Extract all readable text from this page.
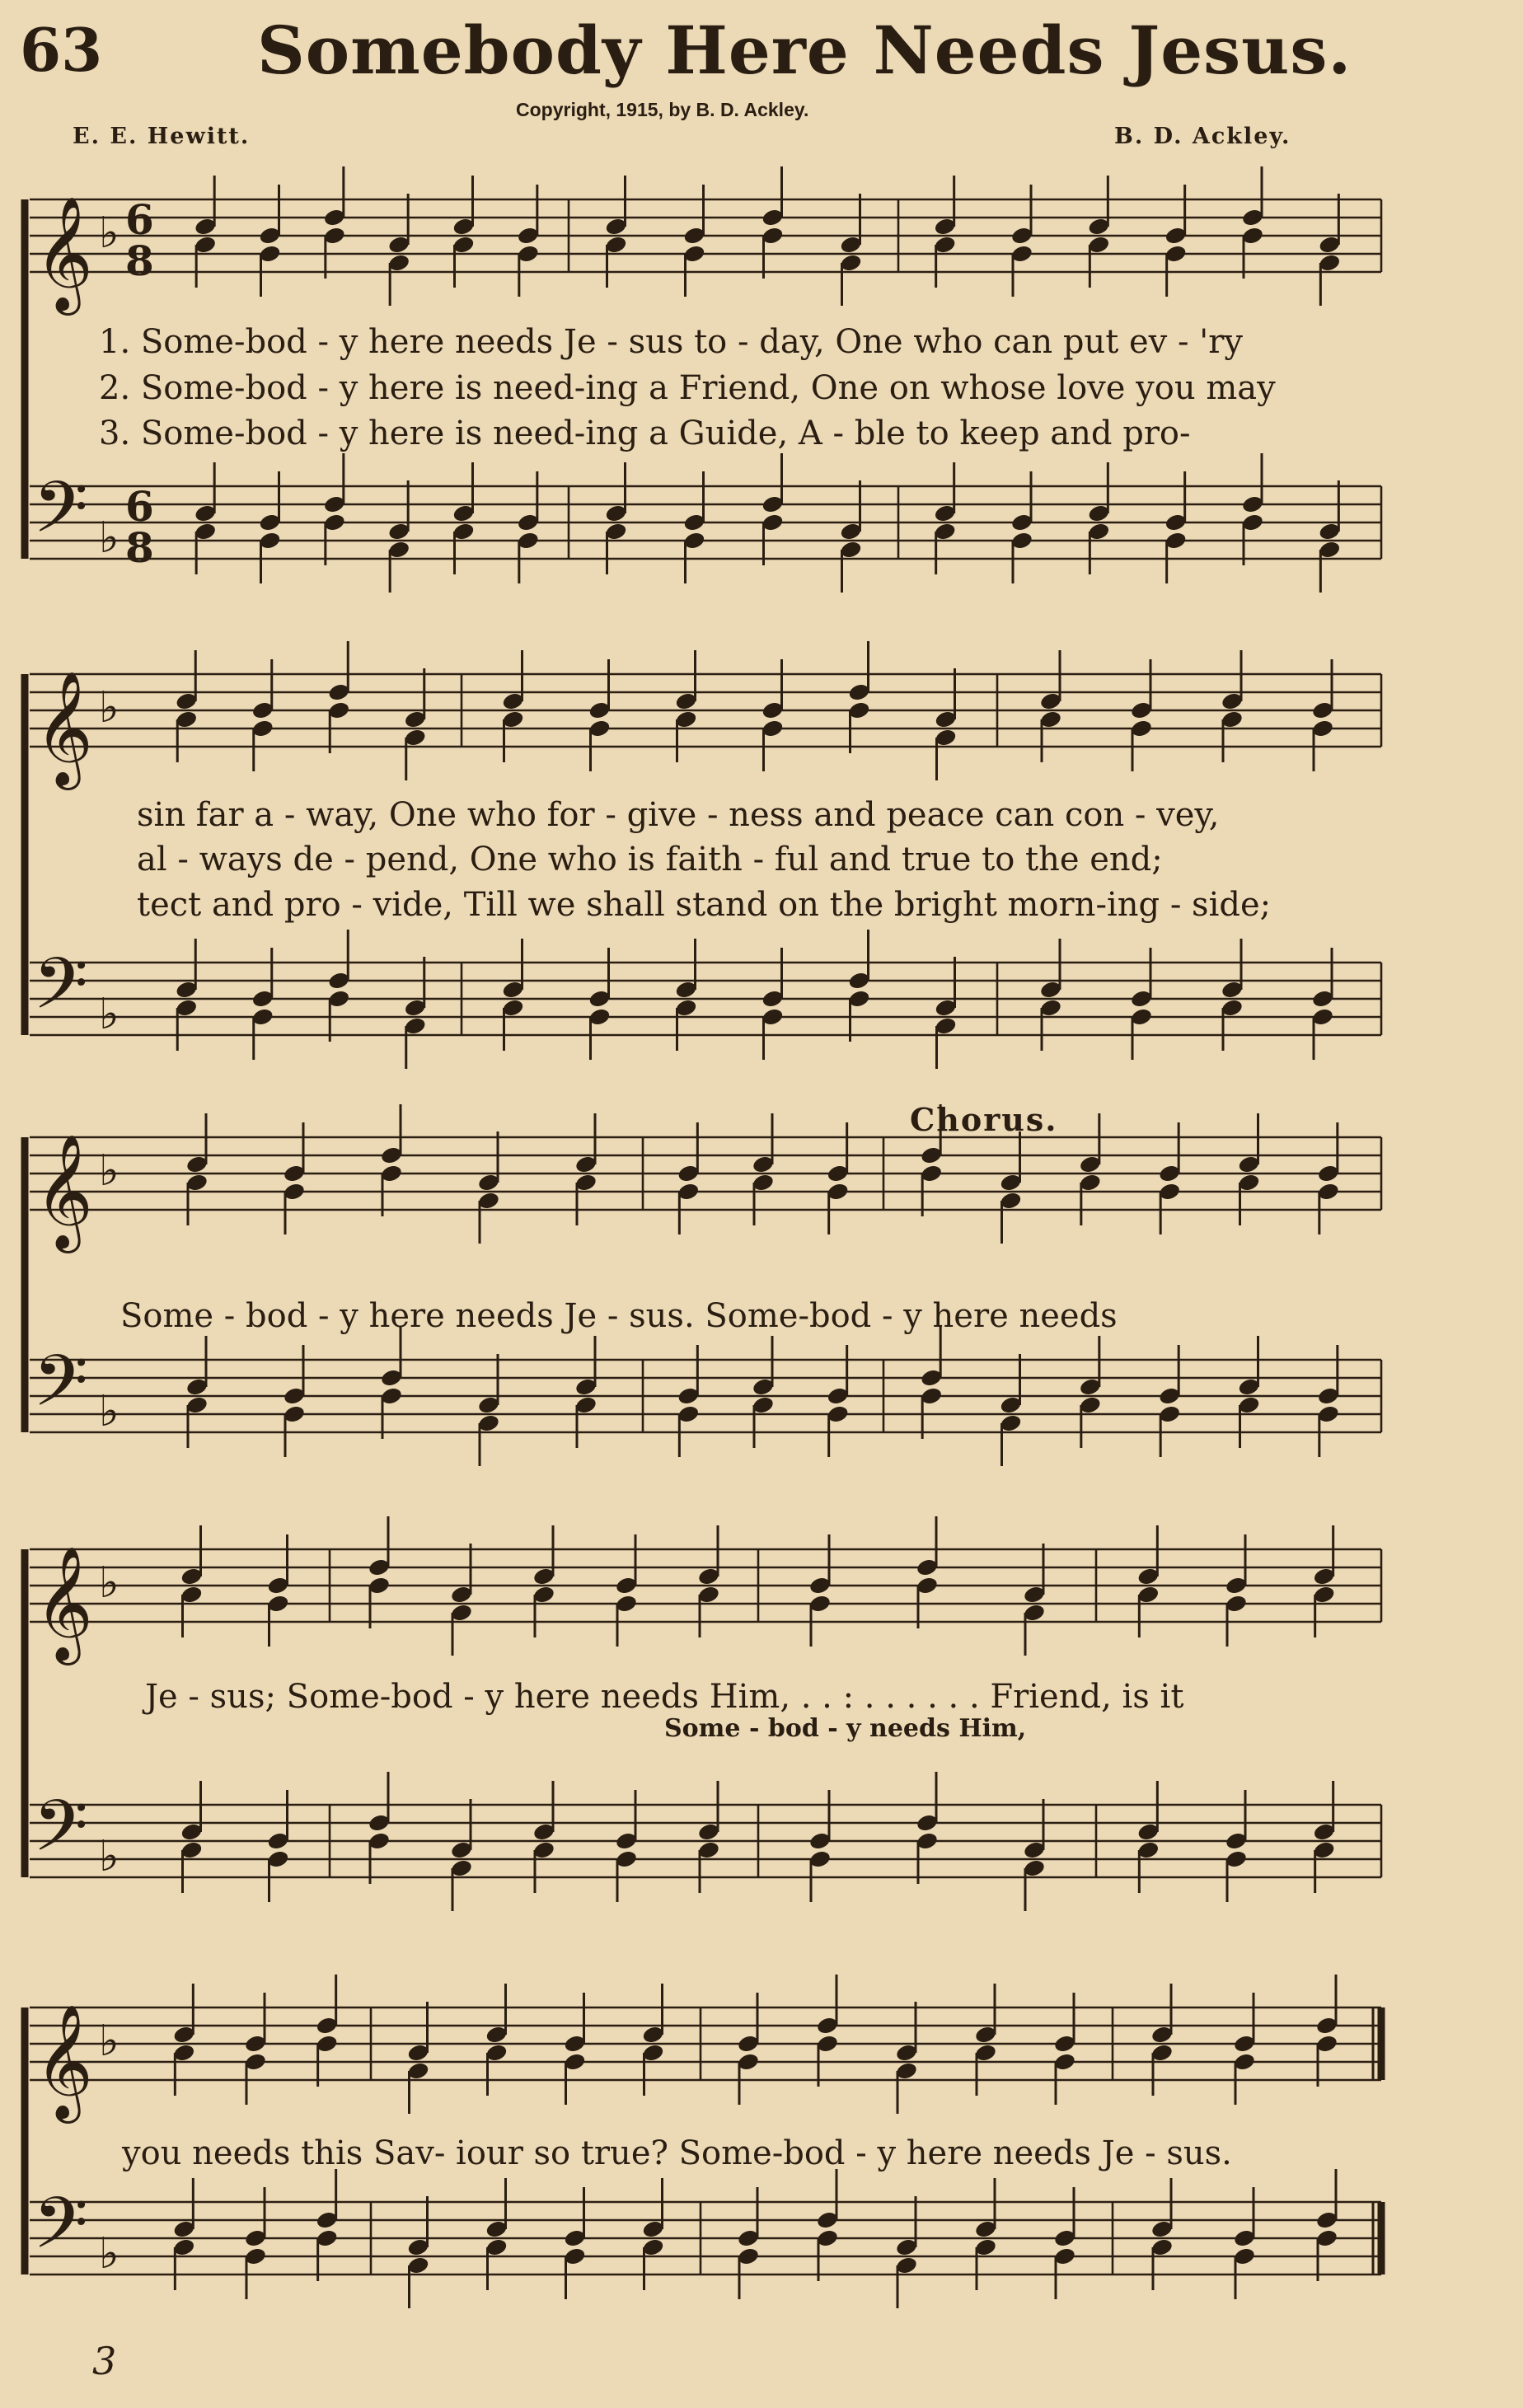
63 Somebody Here Needs Jesus.
Copyright, 1915, by B. D. Ackley.
E. E. Hewitt.	B. D. Ackley.
𝄞 ♭ 6
8
𝄢 ♭
6
8
𝄞 ♭
𝄢 ♭
𝄞 ♭
𝄢 ♭
𝄞 ♭
𝄢 ♭
𝄞 ♭
𝄢 ♭
1. Some-bod - y here needs Je - sus to - day, One who can put ev - 'ry
2. Some-bod - y here is need-ing a Friend, One on whose love you may
3. Some-bod - y here is need-ing a Guide, A - ble to keep and pro-
sin far a - way, One who for - give - ness and peace can con - vey,
al - ways de - pend, One who is faith - ful and true to the end;
tect and pro - vide, Till we shall stand on the bright morn-ing - side;
Chorus.
Some - bod - y here needs Je - sus. Some-bod - y here needs
Je - sus; Some-bod - y here needs Him, . . : . . . . . . Friend, is it
Some - bod - y needs Him,
you needs this Sav- iour so true? Some-bod - y here needs Je - sus.
3
